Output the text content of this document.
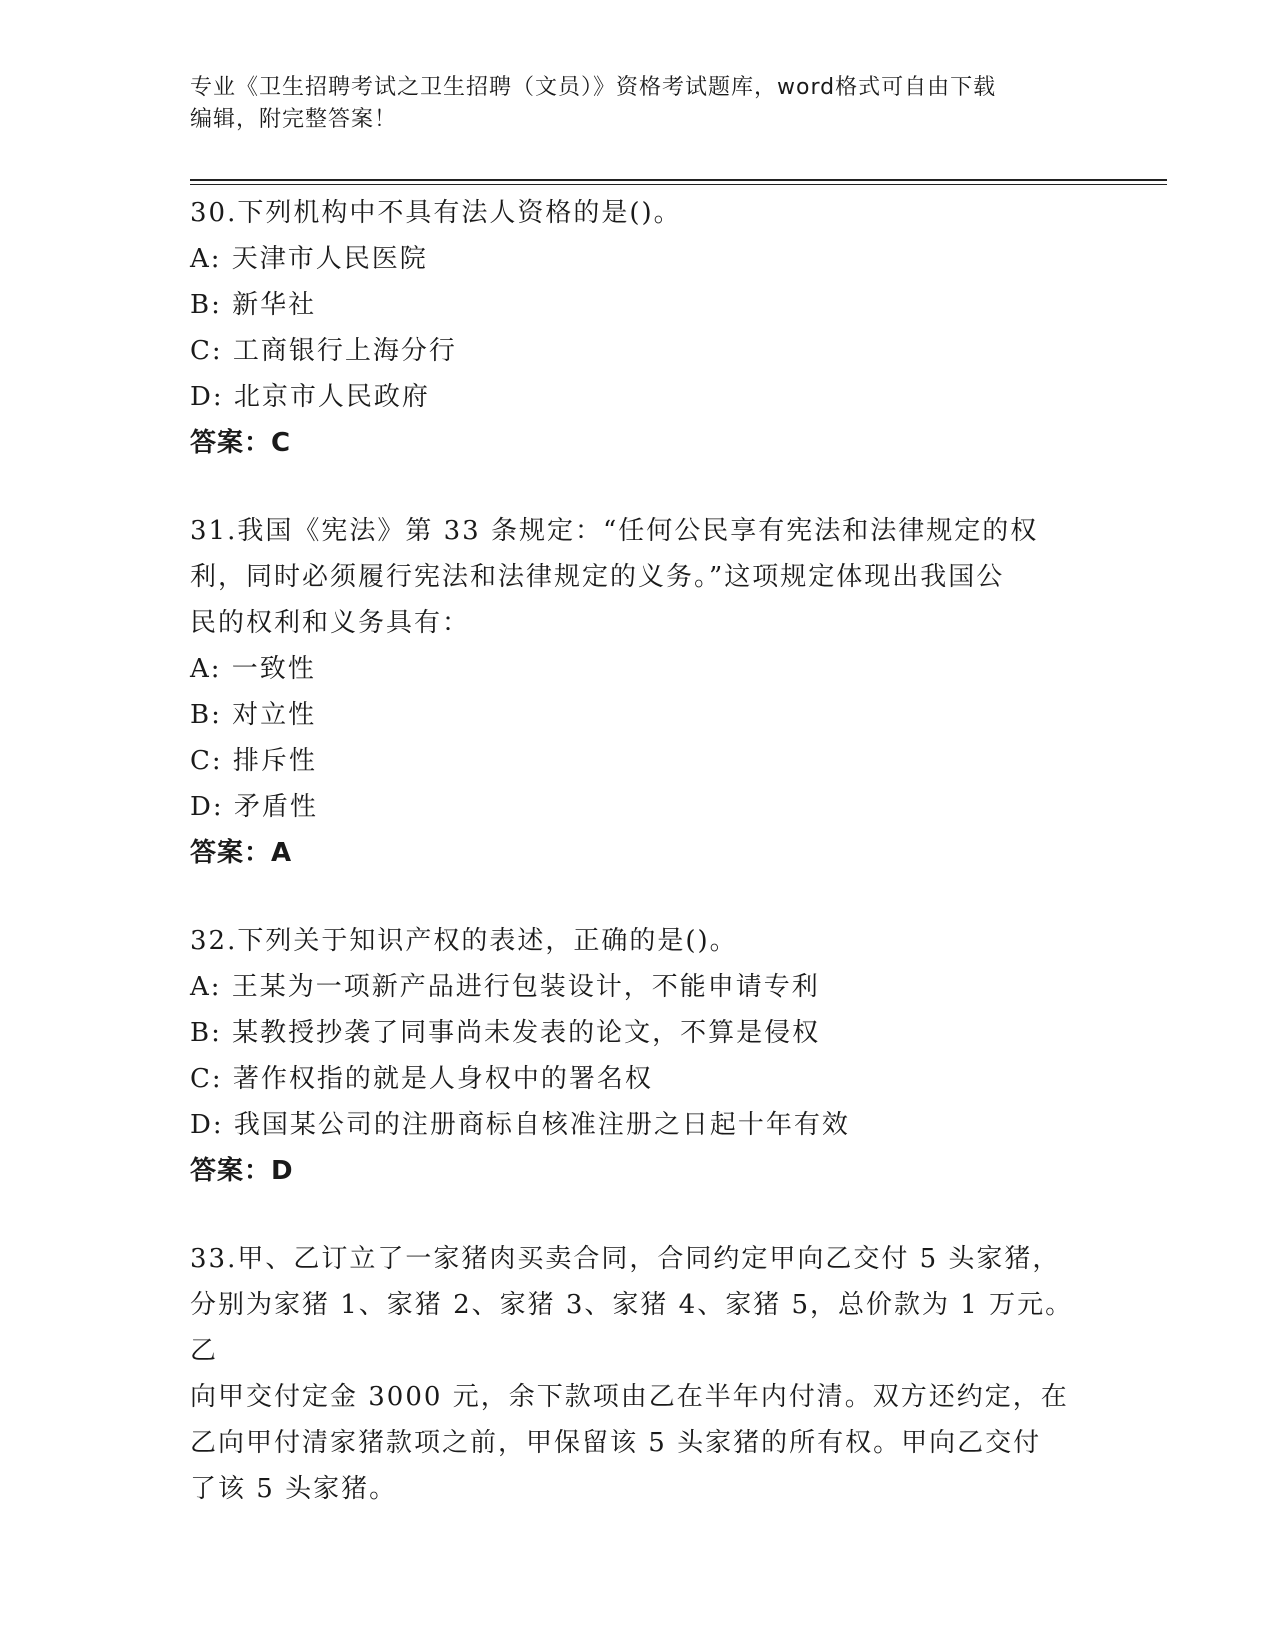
专业《卫生招聘考试之卫生招聘（文员）》资格考试题库，word格式可自由下载
编辑，附完整答案！
30.下列机构中不具有法人资格的是()。
A: 天津市人民医院
B: 新华社
C: 工商银行上海分行
D: 北京市人民政府
答案：C
31.我国《宪法》第 33 条规定：“任何公民享有宪法和法律规定的权
利，同时必须履行宪法和法律规定的义务。”这项规定体现出我国公
民的权利和义务具有：
A: 一致性
B: 对立性
C: 排斥性
D: 矛盾性
答案：A
32.下列关于知识产权的表述，正确的是()。
A: 王某为一项新产品进行包装设计，不能申请专利
B: 某教授抄袭了同事尚未发表的论文，不算是侵权
C: 著作权指的就是人身权中的署名权
D: 我国某公司的注册商标自核准注册之日起十年有效
答案：D
33.甲、乙订立了一家猪肉买卖合同，合同约定甲向乙交付 5 头家猪，
分别为家猪 1、家猪 2、家猪 3、家猪 4、家猪 5，总价款为 1 万元。乙
向甲交付定金 3000 元，余下款项由乙在半年内付清。双方还约定，在
乙向甲付清家猪款项之前，甲保留该 5 头家猪的所有权。甲向乙交付
了该 5 头家猪。
